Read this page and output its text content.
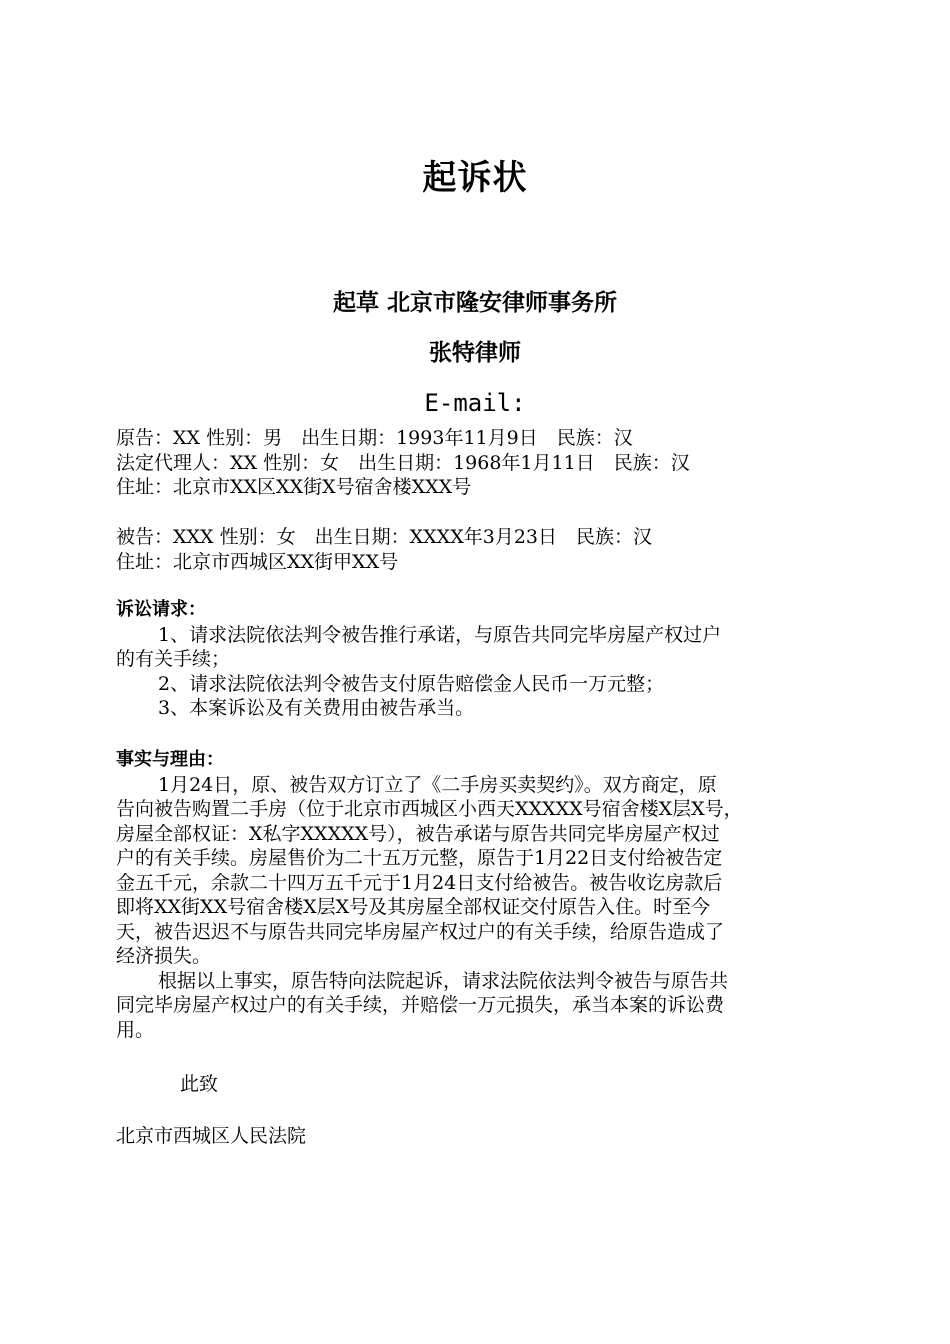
起诉状
起草 北京市隆安律师事务所
张特律师
E-mail:
原告：XX 性别：男　出生日期：1993年11月9日　民族：汉
法定代理人：XX 性别：女　出生日期：1968年1月11日　民族：汉
住址：北京市XX区XX街X号宿舍楼XXX号
被告：XXX 性别：女　出生日期：XXXX年3月23日　民族：汉
住址：北京市西城区XX街甲XX号
诉讼请求：
1、请求法院依法判令被告推行承诺，与原告共同完毕房屋产权过户
的有关手续；
2、请求法院依法判令被告支付原告赔偿金人民币一万元整；
3、本案诉讼及有关费用由被告承当。
事实与理由：
1月24日，原、被告双方订立了《二手房买卖契约》。双方商定，原
告向被告购置二手房（位于北京市西城区小西天XXXXX号宿舍楼X层X号，
房屋全部权证：X私字XXXXX号），被告承诺与原告共同完毕房屋产权过
户的有关手续。房屋售价为二十五万元整，原告于1月22日支付给被告定
金五千元，余款二十四万五千元于1月24日支付给被告。被告收讫房款后
即将XX街XX号宿舍楼X层X号及其房屋全部权证交付原告入住。时至今
天，被告迟迟不与原告共同完毕房屋产权过户的有关手续，给原告造成了
经济损失。
根据以上事实，原告特向法院起诉，请求法院依法判令被告与原告共
同完毕房屋产权过户的有关手续，并赔偿一万元损失，承当本案的诉讼费
用。
此致
北京市西城区人民法院
